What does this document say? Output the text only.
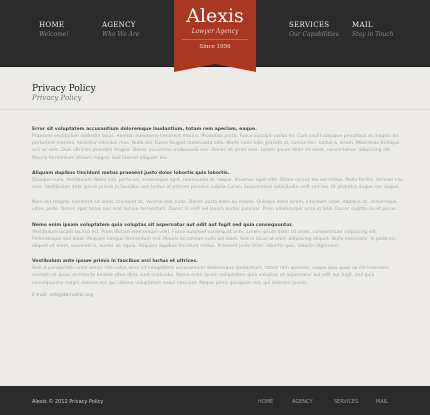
HOME
Welcome!
AGENCY
Who We Are
SERVICES
Our Capabilities
MAIL
Stay in Touch
Alexis
Lawyer Agency
Since 1956
Privacy Policy
Privacy Policy
Error sit voluptatem accusantium doloremque laudantium, totam rem aperiam, eaque.
Praesent vestibulum molestie lacus. Aenean nonummy hendrerit mauris. Phasellus porta. Fusce suscipit varius mi. Cum sociis natoque penatibus et magnis dis parturient montes, nascetur ridiculus mus. Nulla dui. Fusce feugiat malesuada odio. Morbi nunc odio gravida at, cursus nec, luctus a, lorem. Maecenas tristique orci ac sem. Duis ultricies pharetra magna. Donec accumsan malesuada orci. Donec sit amet eros. Lorem ipsum dolor sit amet, consectetuer adipiscing elit. Mauris fermentum dictum magna. Sed laoreet aliquam leo.
Aliquam dapibus tincidunt metus praesent justo dolor lobortis quis lobortis.
Quisque nulla. Vestibulum libero nisl, porta vel, scelerisque eget, malesuada at, neque. Vivamus eget nibh. Etiam cursus leo vel metus. Nulla facilisi. Aenean nec eros. Vestibulum ante ipsum primis in faucibus orci luctus et ultrices posuere cubilia Curae; Suspendisse sollicitudin velit sed leo. Ut pharetra augue nec augue.
Nam elit magna, hendrerit sit amet, tincidunt ac, viverra sed, nulla. Donec porta diam eu massa. Quisque diam lorem, interdum vitae, dapibus ac, scelerisque vitae, pede. Donec eget tellus non erat lacinia fermentum. Donec in velit vel ipsum auctor pulvinar. Proin ullamcorper urna et felis. Donec sagittis eu et purus.
Nemo enim ipsam voluptatem quia voluptas sit aspernatur aut odit aut fugit sed quia consequuntur.
Vestibulum iaculis lacinia est. Proin dictum elementum velit. Fusce euismod consequat ante. Lorem ipsum dolor sit amet, consectetuer adipiscing elit. Pellentesque sed dolor. Aliquam congue fermentum nisl. Mauris accumsan nulla vel diam. Sed in lacus ut enim adipiscing aliquet. Nulla venenatis. In pede mi, aliquet sit amet, euismod in, auctor ut, ligula. Aliquam dapibus tincidunt metus. Praesent justo dolor, lobortis quis, lobortis dignissim.
Vestibulum ante ipsum primis in faucibus orci luctus et ultrices.
Sed ut perspiciatis unde omnis iste natus error sit voluptatem accusantium doloremque laudantium, totam rem aperiam, eaque ipsa quae ab illo inventore veritatis et quasi architecto beatae vitae dicta sunt explicabo. Nemo enim ipsam voluptatem quia voluptas sit aspernatur aut odit aut fugit, sed quia consequuntur magni dolores eos qui ratione voluptatem sequi nesciunt. Neque porro quisquam est, qui dolorem ipsum.
E-mail: info@demolink.org
Alexis © 2012 Privacy Policy	HOME	AGENCY	SERVICES	MAIL
